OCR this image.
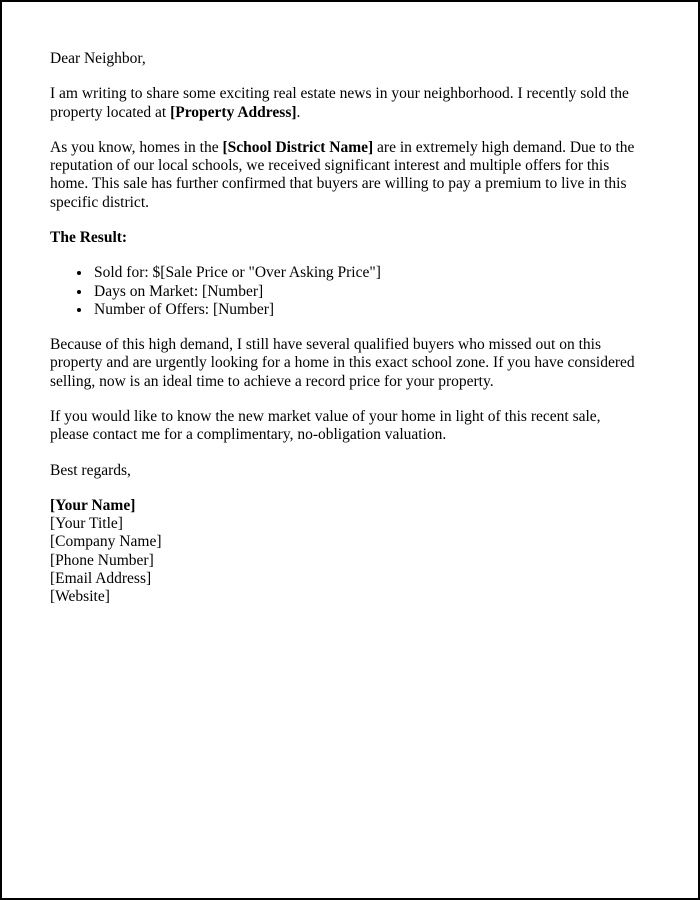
Dear Neighbor,

I am writing to share some exciting real estate news in your neighborhood. I recently sold the property located at [Property Address].

As you know, homes in the [School District Name] are in extremely high demand. Due to the reputation of our local schools, we received significant interest and multiple offers for this home. This sale has further confirmed that buyers are willing to pay a premium to live in this specific district.

The Result:

• Sold for: $[Sale Price or "Over Asking Price"]
• Days on Market: [Number]
• Number of Offers: [Number]

Because of this high demand, I still have several qualified buyers who missed out on this property and are urgently looking for a home in this exact school zone. If you have considered selling, now is an ideal time to achieve a record price for your property.

If you would like to know the new market value of your home in light of this recent sale, please contact me for a complimentary, no-obligation valuation.

Best regards,

[Your Name]

[Your Title]

[Company Name]

[Phone Number]

[Email Address]

[Website]
